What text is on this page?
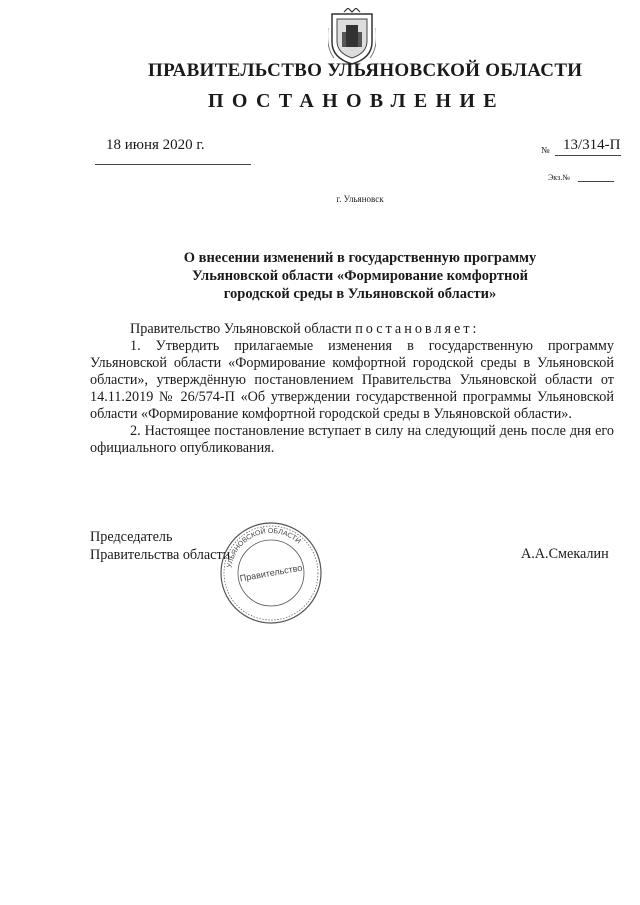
ПРАВИТЕЛЬСТВО УЛЬЯНОВСКОЙ ОБЛАСТИ
ПОСТАНОВЛЕНИЕ
18 июня 2020 г.	№ 13/314-П
Экз.№
г. Ульяновск
О внесении изменений в государственную программу
Ульяновской области «Формирование комфортной
городской среды в Ульяновской области»

Правительство Ульяновской области постановляет:

1. Утвердить прилагаемые изменения в государственную программу Ульяновской области «Формирование комфортной городской среды в Ульяновской области», утверждённую постановлением Правительства Ульяновской области от 14.11.2019 № 26/574-П «Об утверждении государственной программы Ульяновской области «Формирование комфортной городской среды в Ульяновской области».

2. Настоящее постановление вступает в силу на следующий день после дня его официального опубликования.

Председатель
Правительства области	А.А.Смекалин
УЛЬЯНОВСКОЙ ОБЛАСТИ
Правительство
